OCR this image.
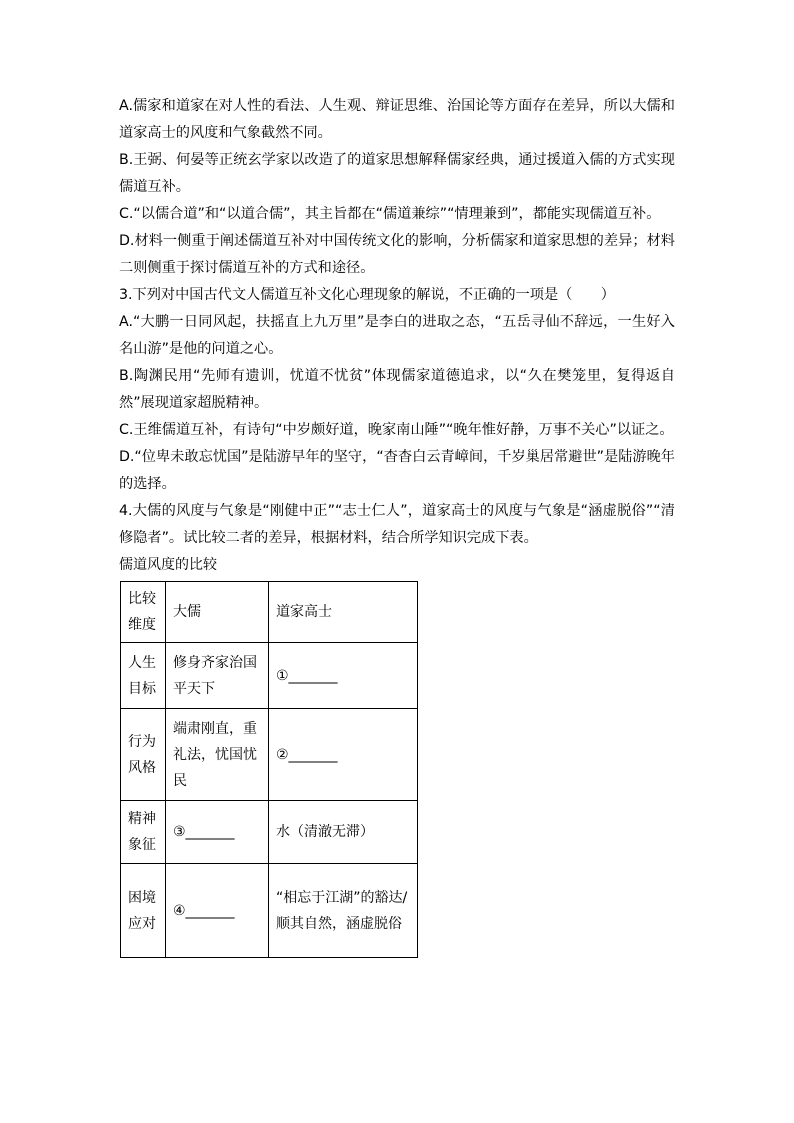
A.儒家和道家在对人性的看法、人生观、辩证思维、治国论等方面存在差异，所以大儒和道家高士的风度和气象截然不同。

B.王弼、何晏等正统玄学家以改造了的道家思想解释儒家经典，通过援道入儒的方式实现儒道互补。

C.“以儒合道”和“以道合儒”，其主旨都在“儒道兼综”“情理兼到”，都能实现儒道互补。

D.材料一侧重于阐述儒道互补对中国传统文化的影响，分析儒家和道家思想的差异；材料二则侧重于探讨儒道互补的方式和途径。

3.下列对中国古代文人儒道互补文化心理现象的解说，不正确的一项是（　　）

A.“大鹏一日同风起，扶摇直上九万里”是李白的进取之态，“五岳寻仙不辞远，一生好入名山游”是他的问道之心。

B.陶渊民用“先师有遗训，忧道不忧贫”体现儒家道德追求，以“久在樊笼里，复得返自然”展现道家超脱精神。

C.王维儒道互补，有诗句“中岁颇好道，晚家南山陲”“晚年惟好静，万事不关心”以证之。

D.“位卑未敢忘忧国”是陆游早年的坚守，“杳杳白云青嶂间，千岁巢居常避世”是陆游晚年的选择。

4.大儒的风度与气象是“刚健中正”“志士仁人”，道家高士的风度与气象是“涵虚脱俗”“清修隐者”。试比较二者的差异，根据材料，结合所学知识完成下表。

儒道风度的比较

比较维度	大儒	道家高士
人生目标	修身齐家治国平天下	①_______
行为风格	端肃刚直，重礼法，忧国忧民	②_______
精神象征	③_______	水（清澈无滞）
困境应对	④_______	“相忘于江湖”的豁达/顺其自然，涵虚脱俗
